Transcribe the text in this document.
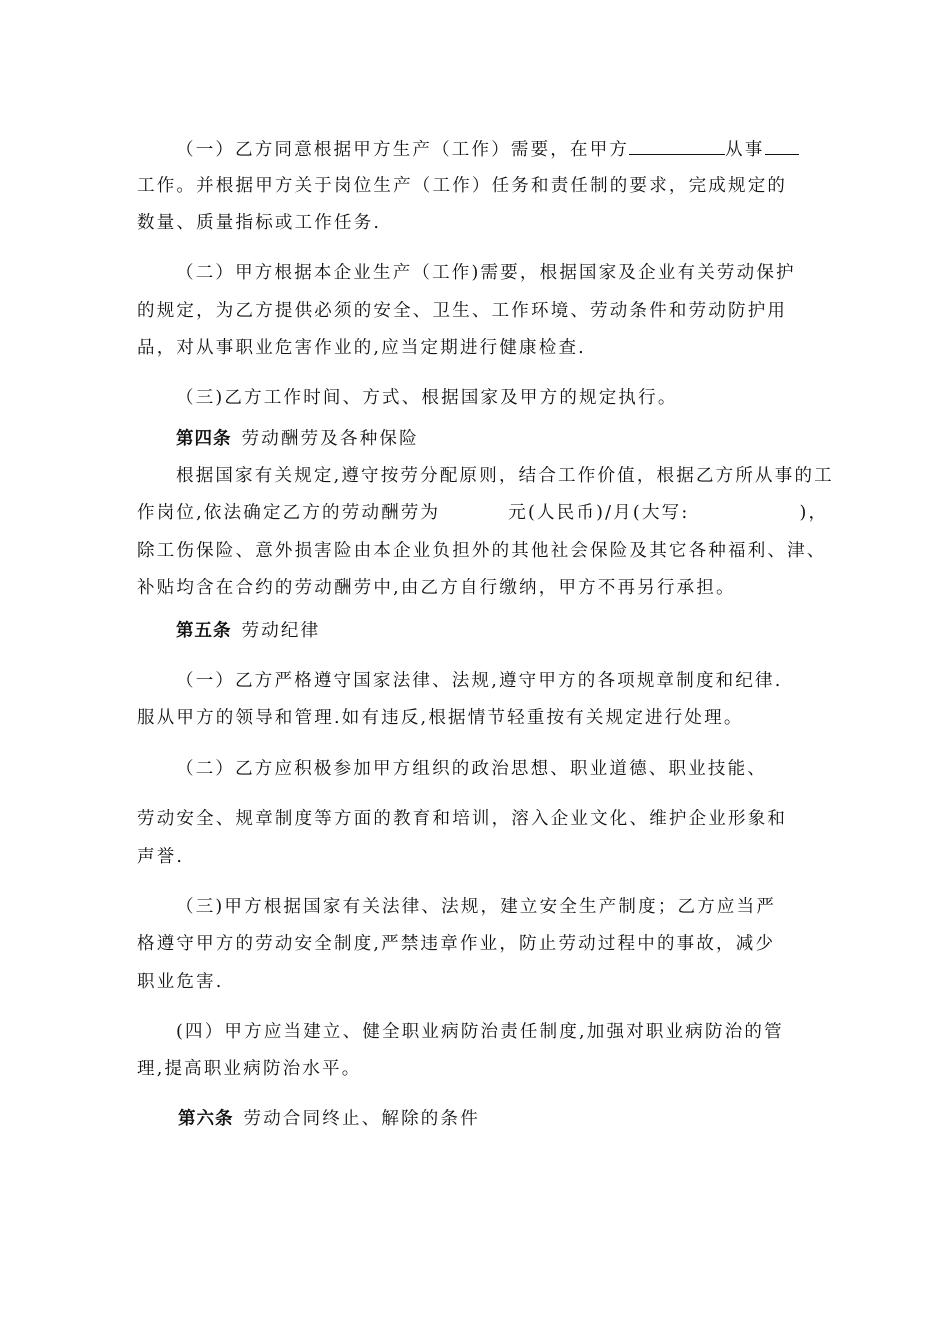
（一）乙方同意根据甲方生产（工作）需要，在甲方	从事
工作。并根据甲方关于岗位生产（工作）任务和责任制的要求，完成规定的
数量、质量指标或工作任务.
（二）甲方根据本企业生产（工作)需要，根据国家及企业有关劳动保护
的规定，为乙方提供必须的安全、卫生、工作环境、劳动条件和劳动防护用
品，对从事职业危害作业的,应当定期进行健康检查.
（三)乙方工作时间、方式、根据国家及甲方的规定执行。
第四条 劳动酬劳及各种保险
根据国家有关规定,遵守按劳分配原则，结合工作价值，根据乙方所从事的工
作岗位,依法确定乙方的劳动酬劳为	元(人民币)/月(大写:	)，
除工伤保险、意外损害险由本企业负担外的其他社会保险及其它各种福利、津、
补贴均含在合约的劳动酬劳中,由乙方自行缴纳，甲方不再另行承担。
第五条 劳动纪律
（一）乙方严格遵守国家法律、法规,遵守甲方的各项规章制度和纪律.
服从甲方的领导和管理.如有违反,根据情节轻重按有关规定进行处理。
（二）乙方应积极参加甲方组织的政治思想、职业道德、职业技能、
劳动安全、规章制度等方面的教育和培训，溶入企业文化、维护企业形象和
声誉.
（三)甲方根据国家有关法律、法规，建立安全生产制度；乙方应当严
格遵守甲方的劳动安全制度,严禁违章作业，防止劳动过程中的事故，减少
职业危害.
(四）甲方应当建立、健全职业病防治责任制度,加强对职业病防治的管
理,提高职业病防治水平。
第六条 劳动合同终止、解除的条件
